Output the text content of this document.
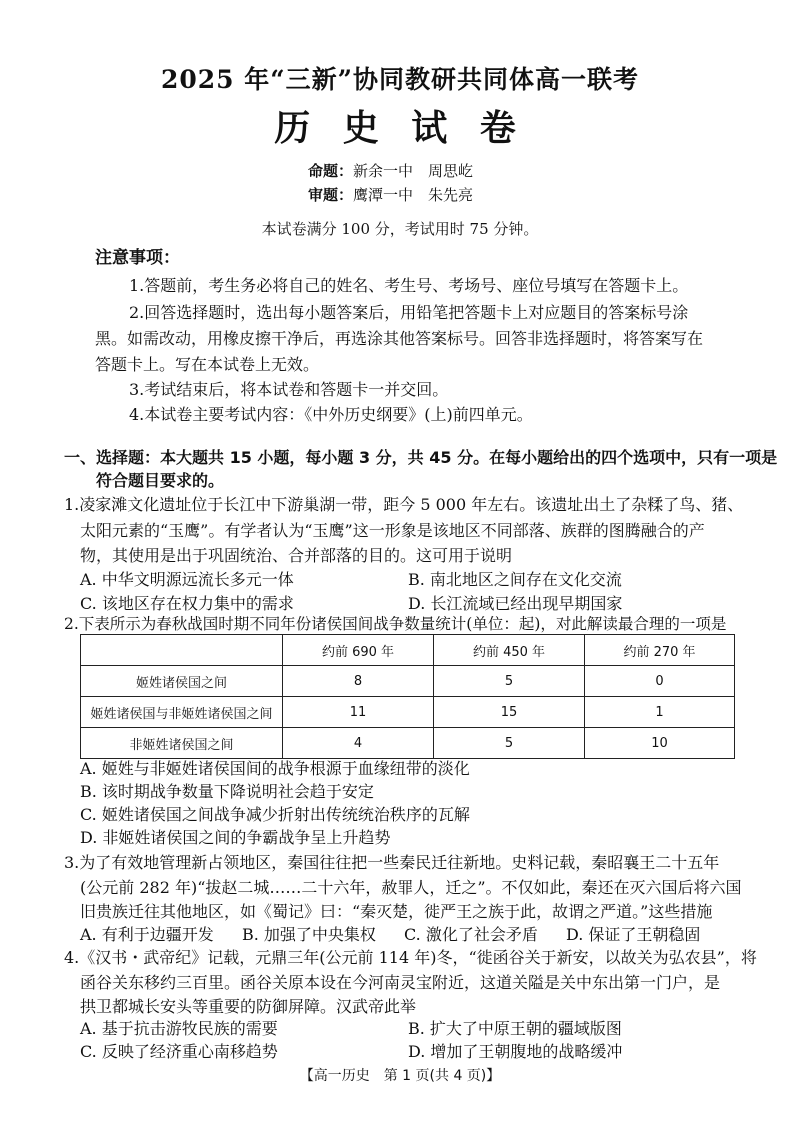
2025 年“三新”协同教研共同体高一联考
历 史 试 卷
命题：新余一中　周思屹
审题：鹰潭一中　朱先亮
本试卷满分 100 分，考试用时 75 分钟。
注意事项：
1.答题前，考生务必将自己的姓名、考生号、考场号、座位号填写在答题卡上。
2.回答选择题时，选出每小题答案后，用铅笔把答题卡上对应题目的答案标号涂
黑。如需改动，用橡皮擦干净后，再选涂其他答案标号。回答非选择题时，将答案写在
答题卡上。写在本试卷上无效。
3.考试结束后，将本试卷和答题卡一并交回。
4.本试卷主要考试内容：《中外历史纲要》(上)前四单元。
一、选择题：本大题共 15 小题，每小题 3 分，共 45 分。在每小题给出的四个选项中，只有一项是
符合题目要求的。
1.凌家滩文化遗址位于长江中下游巢湖一带，距今 5 000 年左右。该遗址出土了杂糅了鸟、猪、
太阳元素的“玉鹰”。有学者认为“玉鹰”这一形象是该地区不同部落、族群的图腾融合的产
物，其使用是出于巩固统治、合并部落的目的。这可用于说明
A. 中华文明源远流长多元一体	B. 南北地区之间存在文化交流
C. 该地区存在权力集中的需求	D. 长江流域已经出现早期国家
2.下表所示为春秋战国时期不同年份诸侯国间战争数量统计(单位：起)，对此解读最合理的一项是
	约前 690 年	约前 450 年	约前 270 年
姬姓诸侯国之间	8	5	0
姬姓诸侯国与非姬姓诸侯国之间	11	15	1
非姬姓诸侯国之间	4	5	10
A. 姬姓与非姬姓诸侯国间的战争根源于血缘纽带的淡化
B. 该时期战争数量下降说明社会趋于安定
C. 姬姓诸侯国之间战争减少折射出传统统治秩序的瓦解
D. 非姬姓诸侯国之间的争霸战争呈上升趋势
3.为了有效地管理新占领地区，秦国往往把一些秦民迁往新地。史料记载，秦昭襄王二十五年
(公元前 282 年)“拔赵二城……二十六年，赦罪人，迁之”。不仅如此，秦还在灭六国后将六国
旧贵族迁往其他地区，如《蜀记》曰：“秦灭楚，徙严王之族于此，故谓之严道。”这些措施
A. 有利于边疆开发 B. 加强了中央集权 C. 激化了社会矛盾 D. 保证了王朝稳固
4.《汉书・武帝纪》记载，元鼎三年(公元前 114 年)冬，“徙函谷关于新安，以故关为弘农县”，将
函谷关东移约三百里。函谷关原本设在今河南灵宝附近，这道关隘是关中东出第一门户，是
拱卫都城长安头等重要的防御屏障。汉武帝此举
A. 基于抗击游牧民族的需要	B. 扩大了中原王朝的疆域版图
C. 反映了经济重心南移趋势	D. 增加了王朝腹地的战略缓冲
【高一历史　第 1 页(共 4 页)】
